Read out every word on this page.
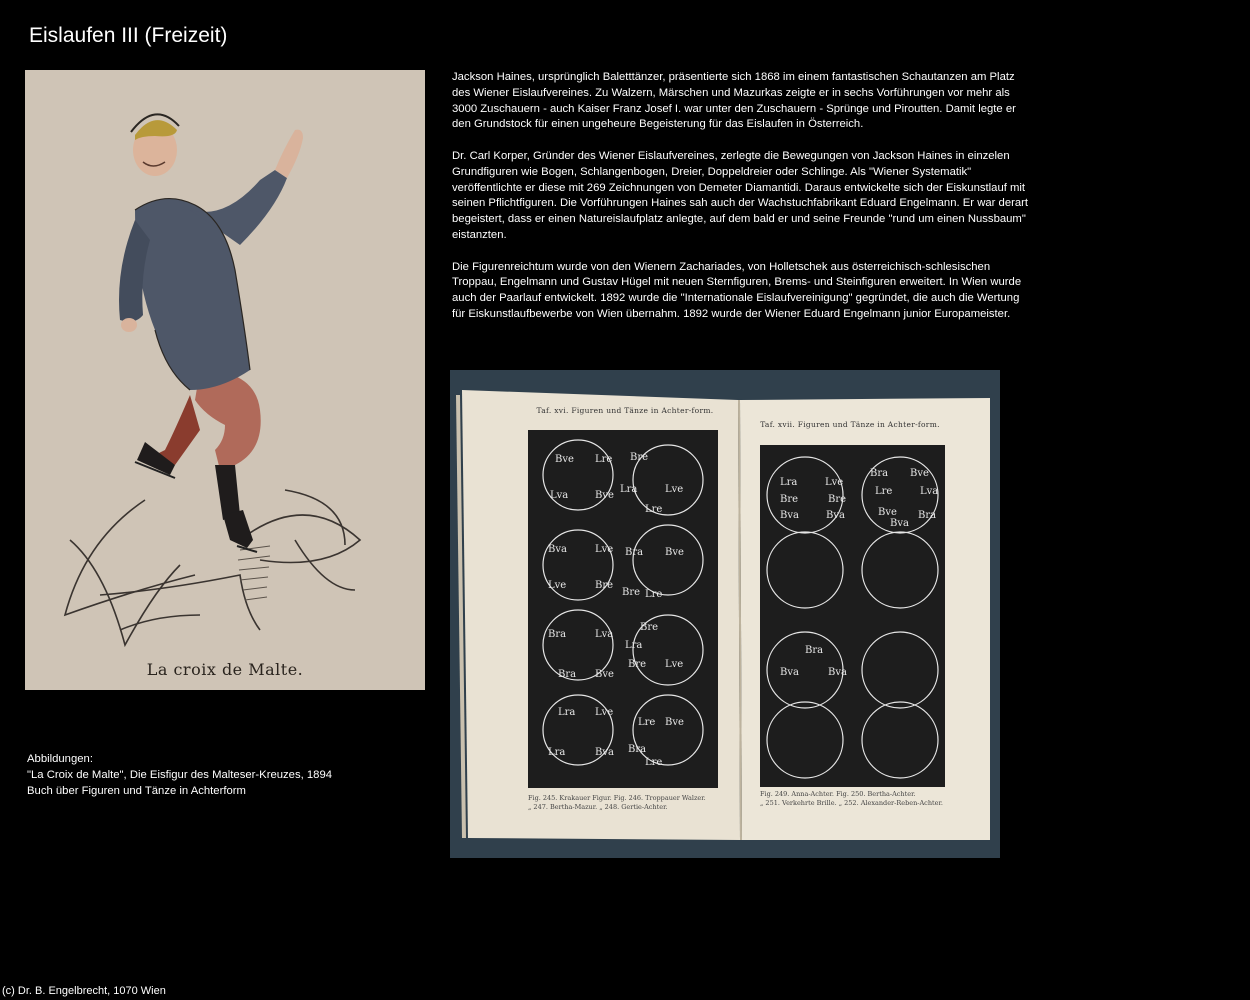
Eislaufen III (Freizeit)
La croix de Malte.

Jackson Haines, ursprünglich Baletttänzer, präsentierte sich 1868 im einem fantastischen Schautanzen am Platz des Wiener Eislaufvereines. Zu Walzern, Märschen und Mazurkas zeigte er in sechs Vorführungen vor mehr als 3000 Zuschauern - auch Kaiser Franz Josef I. war unter den Zuschauern - Sprünge und Piroutten. Damit legte er den Grundstock für einen ungeheure Begeisterung für das Eislaufen in Österreich.

Dr. Carl Korper, Gründer des Wiener Eislaufvereines, zerlegte die Bewegungen von Jackson Haines in einzelen Grundfiguren wie Bogen, Schlangenbogen, Dreier, Doppeldreier oder Schlinge. Als "Wiener Systematik" veröffentlichte er diese mit 269 Zeichnungen von Demeter Diamantidi. Daraus entwickelte sich der Eiskunstlauf mit seinen Pflichtfiguren. Die Vorführungen Haines sah auch der Wachstuchfabrikant Eduard Engelmann. Er war derart begeistert, dass er einen Natureislaufplatz anlegte, auf dem bald er und seine Freunde "rund um einen Nussbaum" eistanzten.

Die Figurenreichtum wurde von den Wienern Zachariades, von Holletschek aus österreichisch-schlesischen Troppau, Engelmann und Gustav Hügel mit neuen Sternfiguren, Brems- und Steinfiguren erweitert. In Wien wurde auch der Paarlauf entwickelt. 1892 wurde die "Internationale Eislaufvereinigung" gegründet, die auch die Wertung für Eiskunstlaufbewerbe von Wien übernahm. 1892 wurde der Wiener Eduard Engelmann junior Europameister.

Bve Lre
Lva	Bve
Bre
Lra	Lve
Lre
Bva	Lve
Bre
Bra Bve
Lve
Bre Lre
Bra	Lva
Bra Bve
Bre
Lra
Bre Lve
Lra Lve
Lra	Bva
Lre Bve
Bra
Lre
Lra	Lve
Bre	Bre
Bva	Bva
Bra Bve
Lre	Lva
Bve Bra
Bva
Bra
Bva	Bva
Taf. xvi. Figuren und Tänze in Achter-form.
Taf. xvii. Figuren und Tänze in Achter-form.
Fig. 245. Krakauer Figur. Fig. 246. Troppauer Walzer.
„ 247. Bertha-Mazur. „ 248. Gertie-Achter.
Fig. 249. Anna-Achter. Fig. 250. Bertha-Achter.
„ 251. Verkehrte Brille. „ 252. Alexander-Reben-Achter.
Abbildungen:
"La Croix de Malte", Die Eisfigur des Malteser-Kreuzes, 1894
Buch über Figuren und Tänze in Achterform
(c) Dr. B. Engelbrecht, 1070 Wien
